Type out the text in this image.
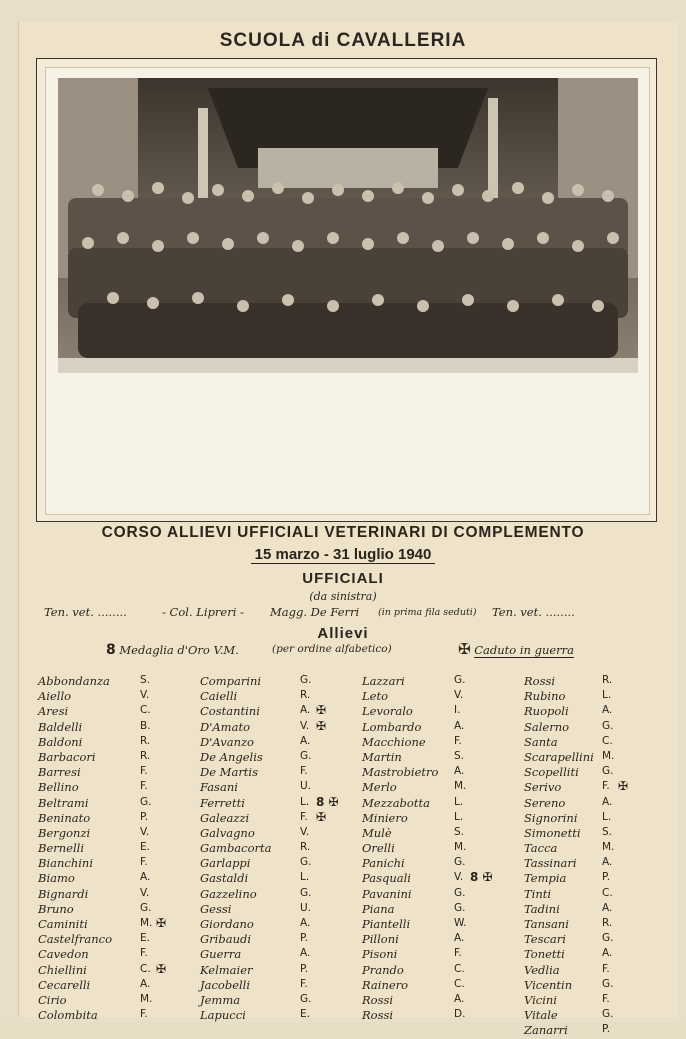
SCUOLA di CAVALLERIA
CORSO ALLIEVI UFFICIALI VETERINARI DI COMPLEMENTO
15 marzo - 31 luglio 1940
UFFICIALI
(da sinistra)
Ten. vet. ........	- Col. Lipreri - Magg. De Ferri (in prima fila seduti) Ten. vet. ........
Allievi
8 Medaglia d'Oro V.M.	(per ordine alfabetico)	✠ Caduto in guerra
Abbondanza	S.
Aiello	V.
Aresi	C.
Baldelli	B.
Baldoni	R.
Barbacori	R.
Barresi	F.
Bellino	F.
Beltrami	G.
Beninato	P.
Bergonzi	V.
Bernelli	E.
Bianchini	F.
Biamo	A.
Bignardi	V.
Bruno	G.
Caminiti	M. ✠
Castelfranco	E.
Cavedon	F.
Chiellini	C. ✠
Cecarelli	A.
Cirio	M.
Colombita	F.
Comparini	G.
Caielli	R.
Costantini	A. ✠
D'Amato	V. ✠
D'Avanzo	A.
De Angelis	G.
De Martis	F.
Fasani	U.
Ferretti	L. 8 ✠
Galeazzi	F. ✠
Galvagno	V.
Gambacorta	R.
Garlappi	G.
Gastaldi	L.
Gazzelino	G.
Gessi	U.
Giordano	A.
Gribaudi	P.
Guerra	A.
Kelmaier	P.
Jacobelli	F.
Jemma	G.
Lapucci	E.
Lazzari	G.
Leto	V.
Levoralo	I.
Lombardo	A.
Macchione	F.
Martin	S.
Mastrobietro A.
Merlo	M.
Mezzabotta L.
Miniero	L.
Mulè	S.
Orelli	M.
Panichi	G.
Pasquali	V. 8 ✠
Pavanini	G.
Piana	G.
Piantelli	W.
Pilloni	A.
Pisoni	F.
Prando	C.
Rainero	C.
Rossi	A.
Rossi	D.
Rossi	R.
Rubino	L.
Ruopoli	A.
Salerno	G.
Santa	C.
Scarapellini M.
Scopelliti G.
Serivo	F. ✠
Sereno	A.
Signorini L.
Simonetti S.
Tacca	M.
Tassinari A.
Tempia	P.
Tinti	C.
Tadini	A.
Tansani	R.
Tescari	G.
Tonetti	A.
Vedlia	F.
Vicentin	G.
Vicini	F.
Vitale	G.
Zanarri	P.
